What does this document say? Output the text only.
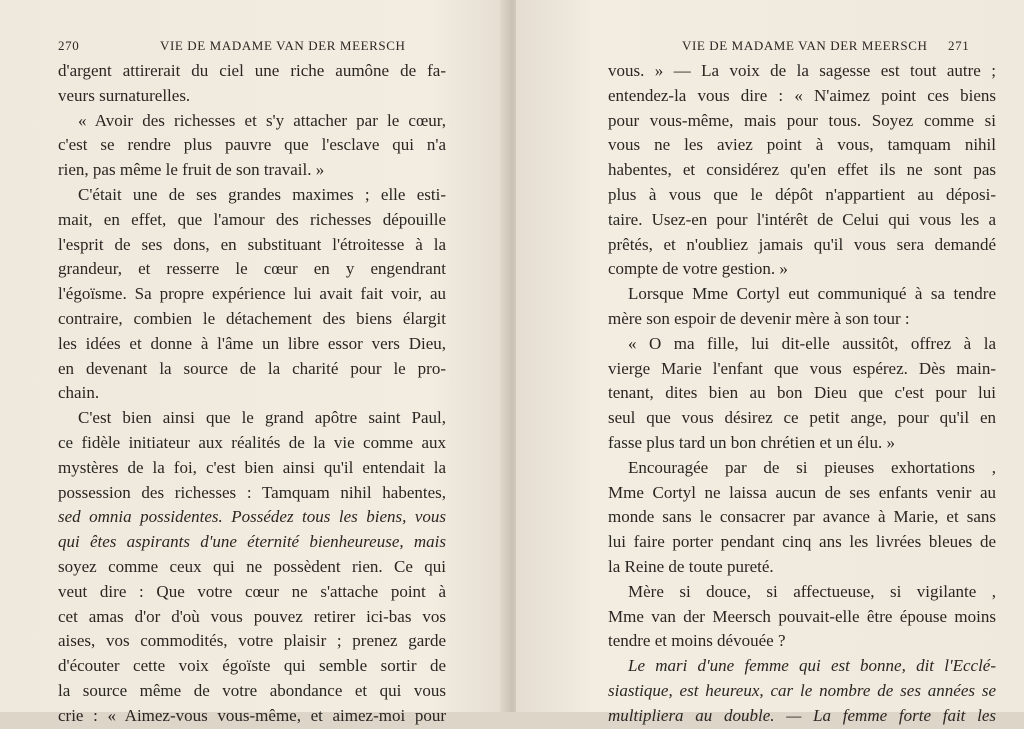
270	VIE DE MADAME VAN DER MEERSCH
d'argent attirerait du ciel une riche aumône de fa-
veurs surnaturelles.
« Avoir des richesses et s'y attacher par le cœur,
c'est se rendre plus pauvre que l'esclave qui n'a
rien, pas même le fruit de son travail. »
C'était une de ses grandes maximes ; elle esti-
mait, en effet, que l'amour des richesses dépouille
l'esprit de ses dons, en substituant l'étroitesse à la
grandeur, et resserre le cœur en y engendrant
l'égoïsme. Sa propre expérience lui avait fait voir, au
contraire, combien le détachement des biens élargit
les idées et donne à l'âme un libre essor vers Dieu,
en devenant la source de la charité pour le pro-
chain.
C'est bien ainsi que le grand apôtre saint Paul,
ce fidèle initiateur aux réalités de la vie comme aux
mystères de la foi, c'est bien ainsi qu'il entendait la
possession des richesses : Tamquam nihil habentes,
sed omnia possidentes. Possédez tous les biens, vous
qui êtes aspirants d'une éternité bienheureuse, mais
soyez comme ceux qui ne possèdent rien. Ce qui
veut dire : Que votre cœur ne s'attache point à
cet amas d'or d'où vous pouvez retirer ici-bas vos
aises, vos commodités, votre plaisir ; prenez garde
d'écouter cette voix égoïste qui semble sortir de
la source même de votre abondance et qui vous
crie : « Aimez-vous vous-même, et aimez-moi pour
VIE DE MADAME VAN DER MEERSCH 271
vous. » — La voix de la sagesse est tout autre ;
entendez-la vous dire : « N'aimez point ces biens
pour vous-même, mais pour tous. Soyez comme si
vous ne les aviez point à vous, tamquam nihil
habentes, et considérez qu'en effet ils ne sont pas
plus à vous que le dépôt n'appartient au déposi-
taire. Usez-en pour l'intérêt de Celui qui vous les a
prêtés, et n'oubliez jamais qu'il vous sera demandé
compte de votre gestion. »
Lorsque Mme Cortyl eut communiqué à sa tendre
mère son espoir de devenir mère à son tour :
« O ma fille, lui dit-elle aussitôt, offrez à la
vierge Marie l'enfant que vous espérez. Dès main-
tenant, dites bien au bon Dieu que c'est pour lui
seul que vous désirez ce petit ange, pour qu'il en
fasse plus tard un bon chrétien et un élu. »
Encouragée par de si pieuses exhortations ,
Mme Cortyl ne laissa aucun de ses enfants venir au
monde sans le consacrer par avance à Marie, et sans
lui faire porter pendant cinq ans les livrées bleues de
la Reine de toute pureté.
Mère si douce, si affectueuse, si vigilante ,
Mme van der Meersch pouvait-elle être épouse moins
tendre et moins dévouée ?
Le mari d'une femme qui est bonne, dit l'Ecclé-
siastique, est heureux, car le nombre de ses années se
multipliera au double. — La femme forte fait les
